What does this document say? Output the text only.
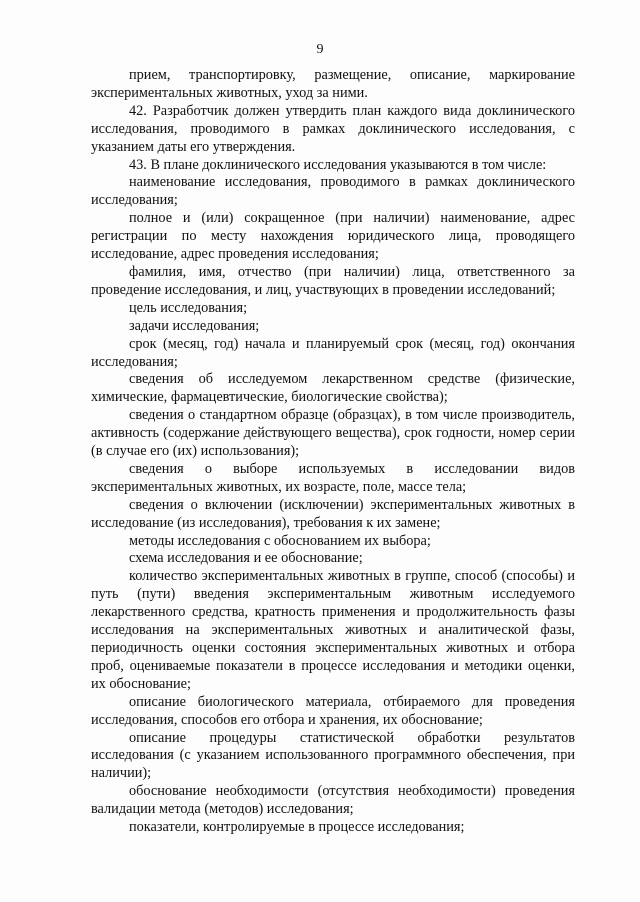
9

прием, транспортировку, размещение, описание, маркирование экспериментальных животных, уход за ними.

42. Разработчик должен утвердить план каждого вида доклинического исследования, проводимого в рамках доклинического исследования, с указанием даты его утверждения.

43. В плане доклинического исследования указываются в том числе:

наименование исследования, проводимого в рамках доклинического исследования;

полное и (или) сокращенное (при наличии) наименование, адрес регистрации по месту нахождения юридического лица, проводящего исследование, адрес проведения исследования;

фамилия, имя, отчество (при наличии) лица, ответственного за проведение исследования, и лиц, участвующих в проведении исследований;

цель исследования;

задачи исследования;

срок (месяц, год) начала и планируемый срок (месяц, год) окончания исследования;

сведения об исследуемом лекарственном средстве (физические, химические, фармацевтические, биологические свойства);

сведения о стандартном образце (образцах), в том числе производитель, активность (содержание действующего вещества), срок годности, номер серии (в случае его (их) использования);

сведения о выборе используемых в исследовании видов экспериментальных животных, их возрасте, поле, массе тела;

сведения о включении (исключении) экспериментальных животных в исследование (из исследования), требования к их замене;

методы исследования с обоснованием их выбора;

схема исследования и ее обоснование;

количество экспериментальных животных в группе, способ (способы) и путь (пути) введения экспериментальным животным исследуемого лекарственного средства, кратность применения и продолжительность фазы исследования на экспериментальных животных и аналитической фазы, периодичность оценки состояния экспериментальных животных и отбора проб, оцениваемые показатели в процессе исследования и методики оценки, их обоснование;

описание биологического материала, отбираемого для проведения исследования, способов его отбора и хранения, их обоснование;

описание процедуры статистической обработки результатов исследования (с указанием использованного программного обеспечения, при наличии);

обоснование необходимости (отсутствия необходимости) проведения валидации метода (методов) исследования;

показатели, контролируемые в процессе исследования;
